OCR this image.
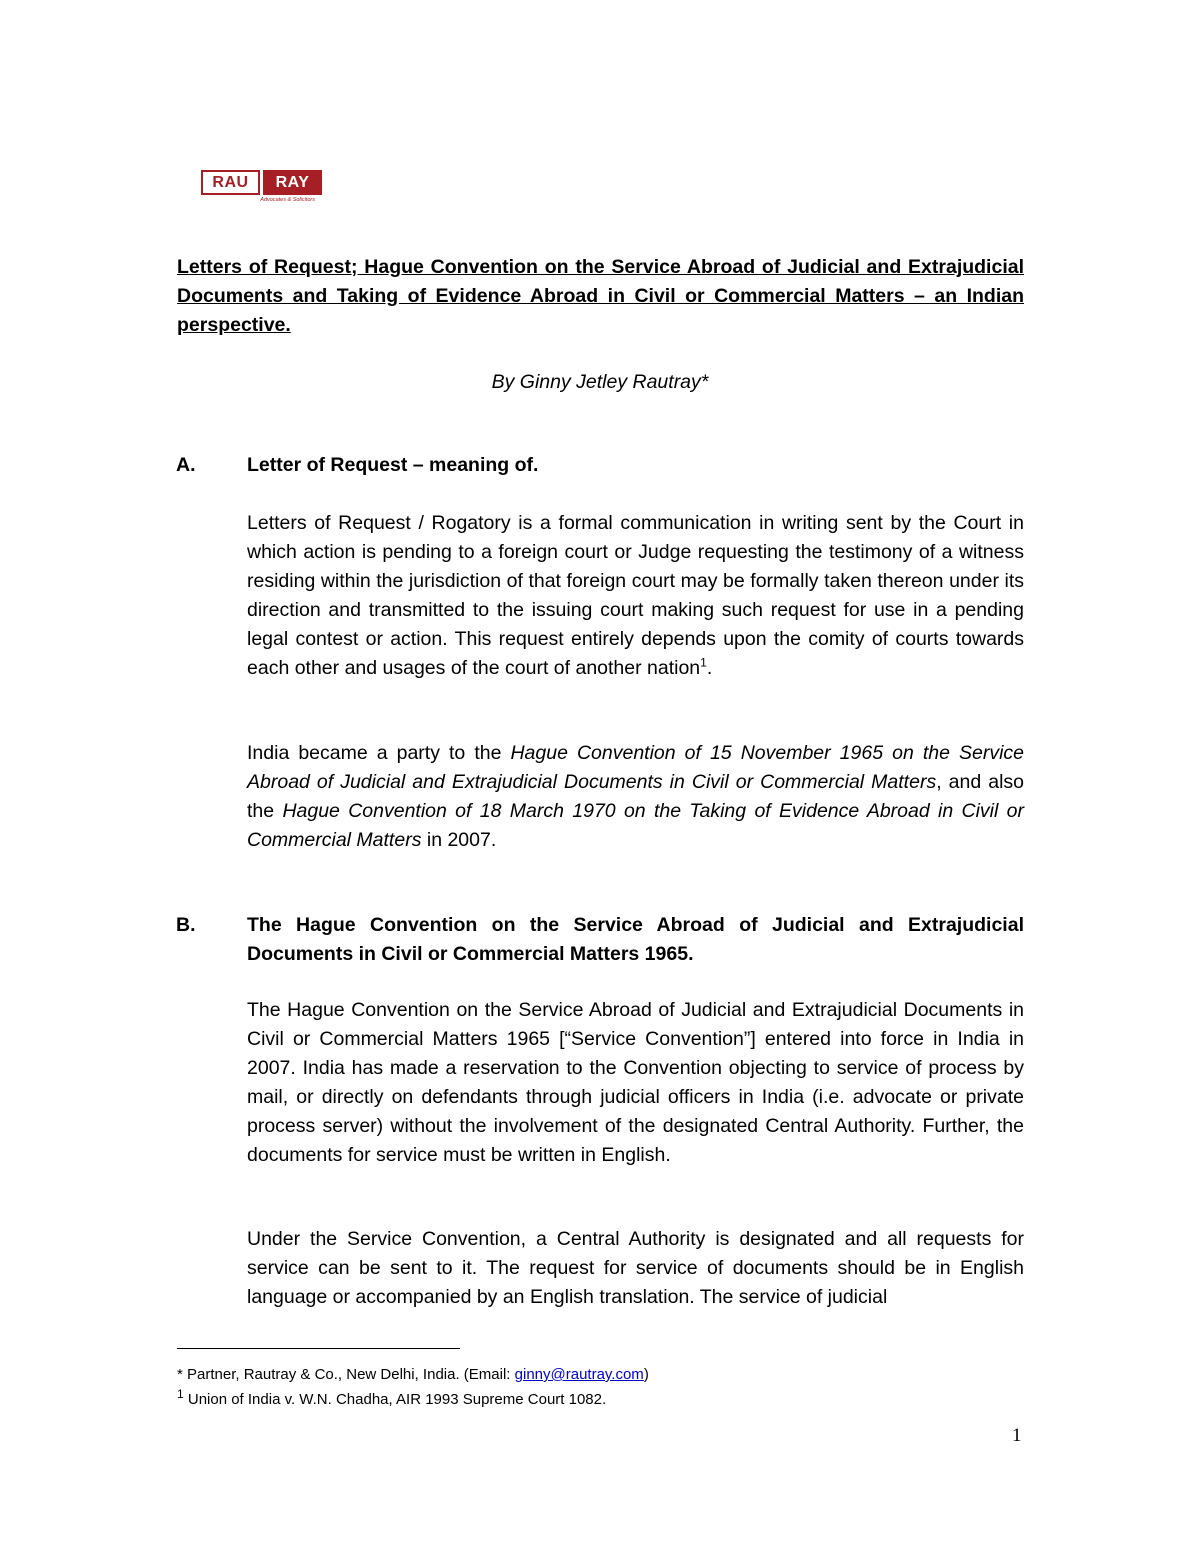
RAU	RAY
Advocates & Solicitors

Letters of Request; Hague Convention on the Service Abroad of Judicial and Extrajudicial Documents and Taking of Evidence Abroad in Civil or Commercial Matters – an Indian perspective.

By Ginny Jetley Rautray*
A.	Letter of Request – meaning of.

Letters of Request / Rogatory is a formal communication in writing sent by the Court in which action is pending to a foreign court or Judge requesting the testimony of a witness residing within the jurisdiction of that foreign court may be formally taken thereon under its direction and transmitted to the issuing court making such request for use in a pending legal contest or action. This request entirely depends upon the comity of courts towards each other and usages of the court of another nation$^1$.

India became a party to the Hague Convention of 15 November 1965 on the Service Abroad of Judicial and Extrajudicial Documents in Civil or Commercial Matters, and also the Hague Convention of 18 March 1970 on the Taking of Evidence Abroad in Civil or Commercial Matters in 2007.

B.	The Hague Convention on the Service Abroad of Judicial and Extrajudicial Documents in Civil or Commercial Matters 1965.

The Hague Convention on the Service Abroad of Judicial and Extrajudicial Documents in Civil or Commercial Matters 1965 [“Service Convention”] entered into force in India in 2007. India has made a reservation to the Convention objecting to service of process by mail, or directly on defendants through judicial officers in India (i.e. advocate or private process server) without the involvement of the designated Central Authority. Further, the documents for service must be written in English.

Under the Service Convention, a Central Authority is designated and all requests for service can be sent to it. The request for service of documents should be in English language or accompanied by an English translation. The service of judicial

* Partner, Rautray & Co., New Delhi, India. (Email: ginny@rautray.com)
$^1$ Union of India v. W.N. Chadha, AIR 1993 Supreme Court 1082.
1
